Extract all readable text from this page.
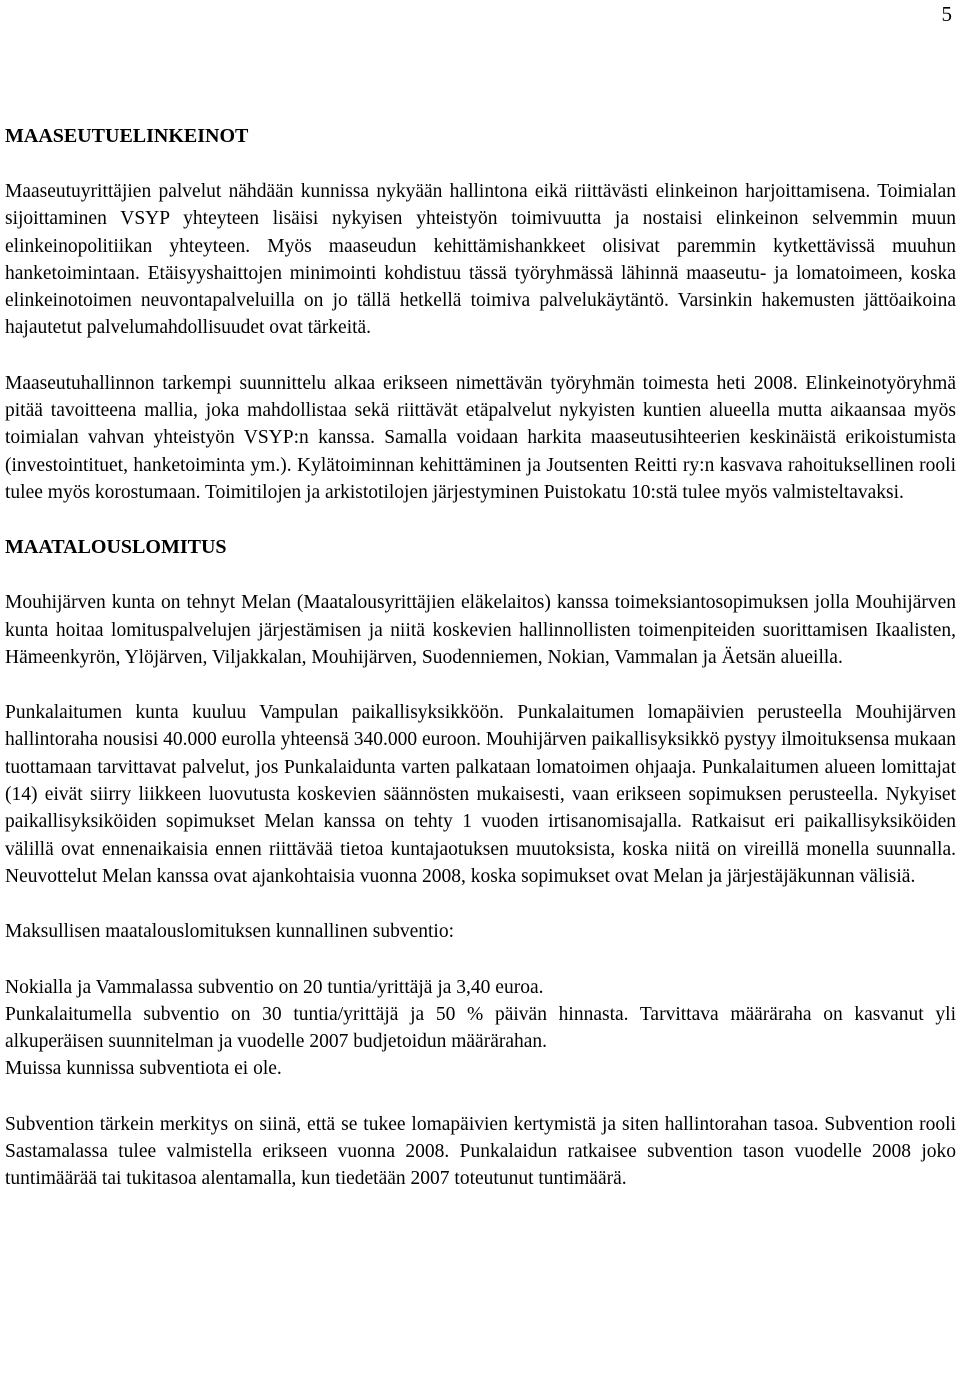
5
MAASEUTUELINKEINOT

Maaseutuyrittäjien palvelut nähdään kunnissa nykyään hallintona eikä riittävästi elinkeinon harjoittamisena. Toimialan sijoittaminen VSYP yhteyteen lisäisi nykyisen yhteistyön toimivuutta ja nostaisi elinkeinon selvemmin muun elinkeinopolitiikan yhteyteen. Myös maaseudun kehittämishankkeet olisivat paremmin kytkettävissä muuhun hanketoimintaan. Etäisyyshaittojen minimointi kohdistuu tässä työryhmässä lähinnä maaseutu- ja lomatoimeen, koska elinkeinotoimen neuvontapalveluilla on jo tällä hetkellä toimiva palvelukäytäntö. Varsinkin hakemusten jättöaikoina hajautetut palvelumahdollisuudet ovat tärkeitä.

Maaseutuhallinnon tarkempi suunnittelu alkaa erikseen nimettävän työryhmän toimesta heti 2008. Elinkeinotyöryhmä pitää tavoitteena mallia, joka mahdollistaa sekä riittävät etäpalvelut nykyisten kuntien alueella mutta aikaansaa myös toimialan vahvan yhteistyön VSYP:n kanssa. Samalla voidaan harkita maaseutusihteerien keskinäistä erikoistumista (investointituet, hanketoiminta ym.). Kylätoiminnan kehittäminen ja Joutsenten Reitti ry:n kasvava rahoituksellinen rooli tulee myös korostumaan. Toimitilojen ja arkistotilojen järjestyminen Puistokatu 10:stä tulee myös valmisteltavaksi.

MAATALOUSLOMITUS

Mouhijärven kunta on tehnyt Melan (Maatalousyrittäjien eläkelaitos) kanssa toimeksiantosopimuksen jolla Mouhijärven kunta hoitaa lomituspalvelujen järjestämisen ja niitä koskevien hallinnollisten toimenpiteiden suorittamisen Ikaalisten, Hämeenkyrön, Ylöjärven, Viljakkalan, Mouhijärven, Suodenniemen, Nokian, Vammalan ja Äetsän alueilla.

Punkalaitumen kunta kuuluu Vampulan paikallisyksikköön. Punkalaitumen lomapäivien perusteella Mouhijärven hallintoraha nousisi 40.000 eurolla yhteensä 340.000 euroon. Mouhijärven paikallisyksikkö pystyy ilmoituksensa mukaan tuottamaan tarvittavat palvelut, jos Punkalaidunta varten palkataan lomatoimen ohjaaja. Punkalaitumen alueen lomittajat (14) eivät siirry liikkeen luovutusta koskevien säännösten mukaisesti, vaan erikseen sopimuksen perusteella. Nykyiset paikallisyksiköiden sopimukset Melan kanssa on tehty 1 vuoden irtisanomisajalla. Ratkaisut eri paikallisyksiköiden välillä ovat ennenaikaisia ennen riittävää tietoa kuntajaotuksen muutoksista, koska niitä on vireillä monella suunnalla. Neuvottelut Melan kanssa ovat ajankohtaisia vuonna 2008, koska sopimukset ovat Melan ja järjestäjäkunnan välisiä.

Maksullisen maatalouslomituksen kunnallinen subventio:

Nokialla ja Vammalassa subventio on 20 tuntia/yrittäjä ja 3,40 euroa.

Punkalaitumella subventio on 30 tuntia/yrittäjä ja 50 % päivän hinnasta. Tarvittava määräraha on kasvanut yli alkuperäisen suunnitelman ja vuodelle 2007 budjetoidun määrärahan.

Muissa kunnissa subventiota ei ole.

Subvention tärkein merkitys on siinä, että se tukee lomapäivien kertymistä ja siten hallintorahan tasoa. Subvention rooli Sastamalassa tulee valmistella erikseen vuonna 2008. Punkalaidun ratkaisee subvention tason vuodelle 2008 joko tuntimäärää tai tukitasoa alentamalla, kun tiedetään 2007 toteutunut tuntimäärä.
